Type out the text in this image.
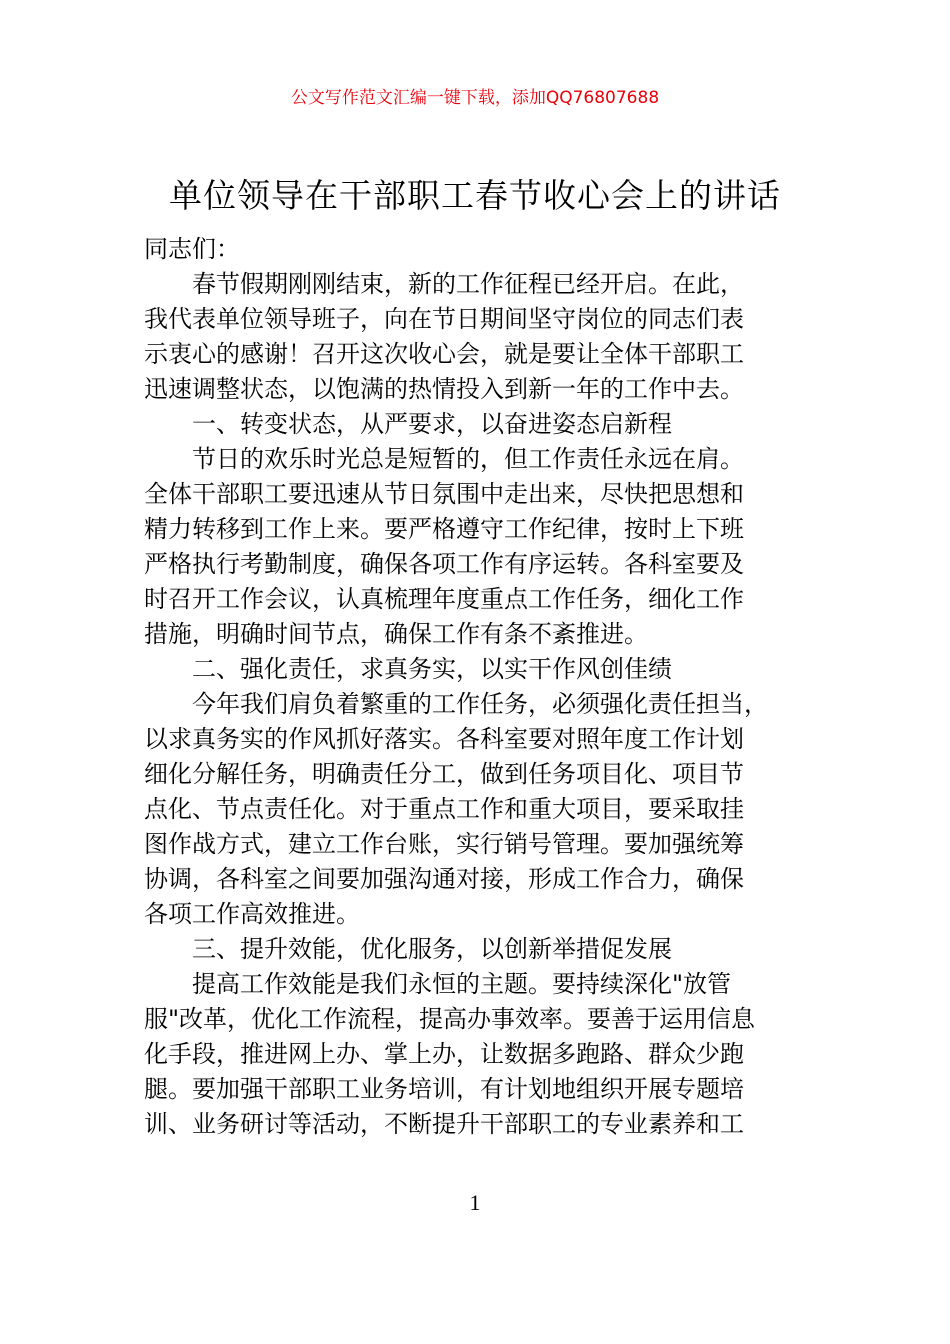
公文写作范文汇编一键下载，添加QQ76807688
单位领导在干部职工春节收心会上的讲话
同志们：
春节假期刚刚结束，新的工作征程已经开启。在此，
我代表单位领导班子，向在节日期间坚守岗位的同志们表
示衷心的感谢！召开这次收心会，就是要让全体干部职工
迅速调整状态，以饱满的热情投入到新一年的工作中去。
一、转变状态，从严要求，以奋进姿态启新程
节日的欢乐时光总是短暂的，但工作责任永远在肩。
全体干部职工要迅速从节日氛围中走出来，尽快把思想和
精力转移到工作上来。要严格遵守工作纪律，按时上下班
严格执行考勤制度，确保各项工作有序运转。各科室要及
时召开工作会议，认真梳理年度重点工作任务，细化工作
措施，明确时间节点，确保工作有条不紊推进。
二、强化责任，求真务实，以实干作风创佳绩
今年我们肩负着繁重的工作任务，必须强化责任担当，
以求真务实的作风抓好落实。各科室要对照年度工作计划
细化分解任务，明确责任分工，做到任务项目化、项目节
点化、节点责任化。对于重点工作和重大项目，要采取挂
图作战方式，建立工作台账，实行销号管理。要加强统筹
协调，各科室之间要加强沟通对接，形成工作合力，确保
各项工作高效推进。
三、提升效能，优化服务，以创新举措促发展
提高工作效能是我们永恒的主题。要持续深化"放管
服"改革，优化工作流程，提高办事效率。要善于运用信息
化手段，推进网上办、掌上办，让数据多跑路、群众少跑
腿。要加强干部职工业务培训，有计划地组织开展专题培
训、业务研讨等活动，不断提升干部职工的专业素养和工
1
